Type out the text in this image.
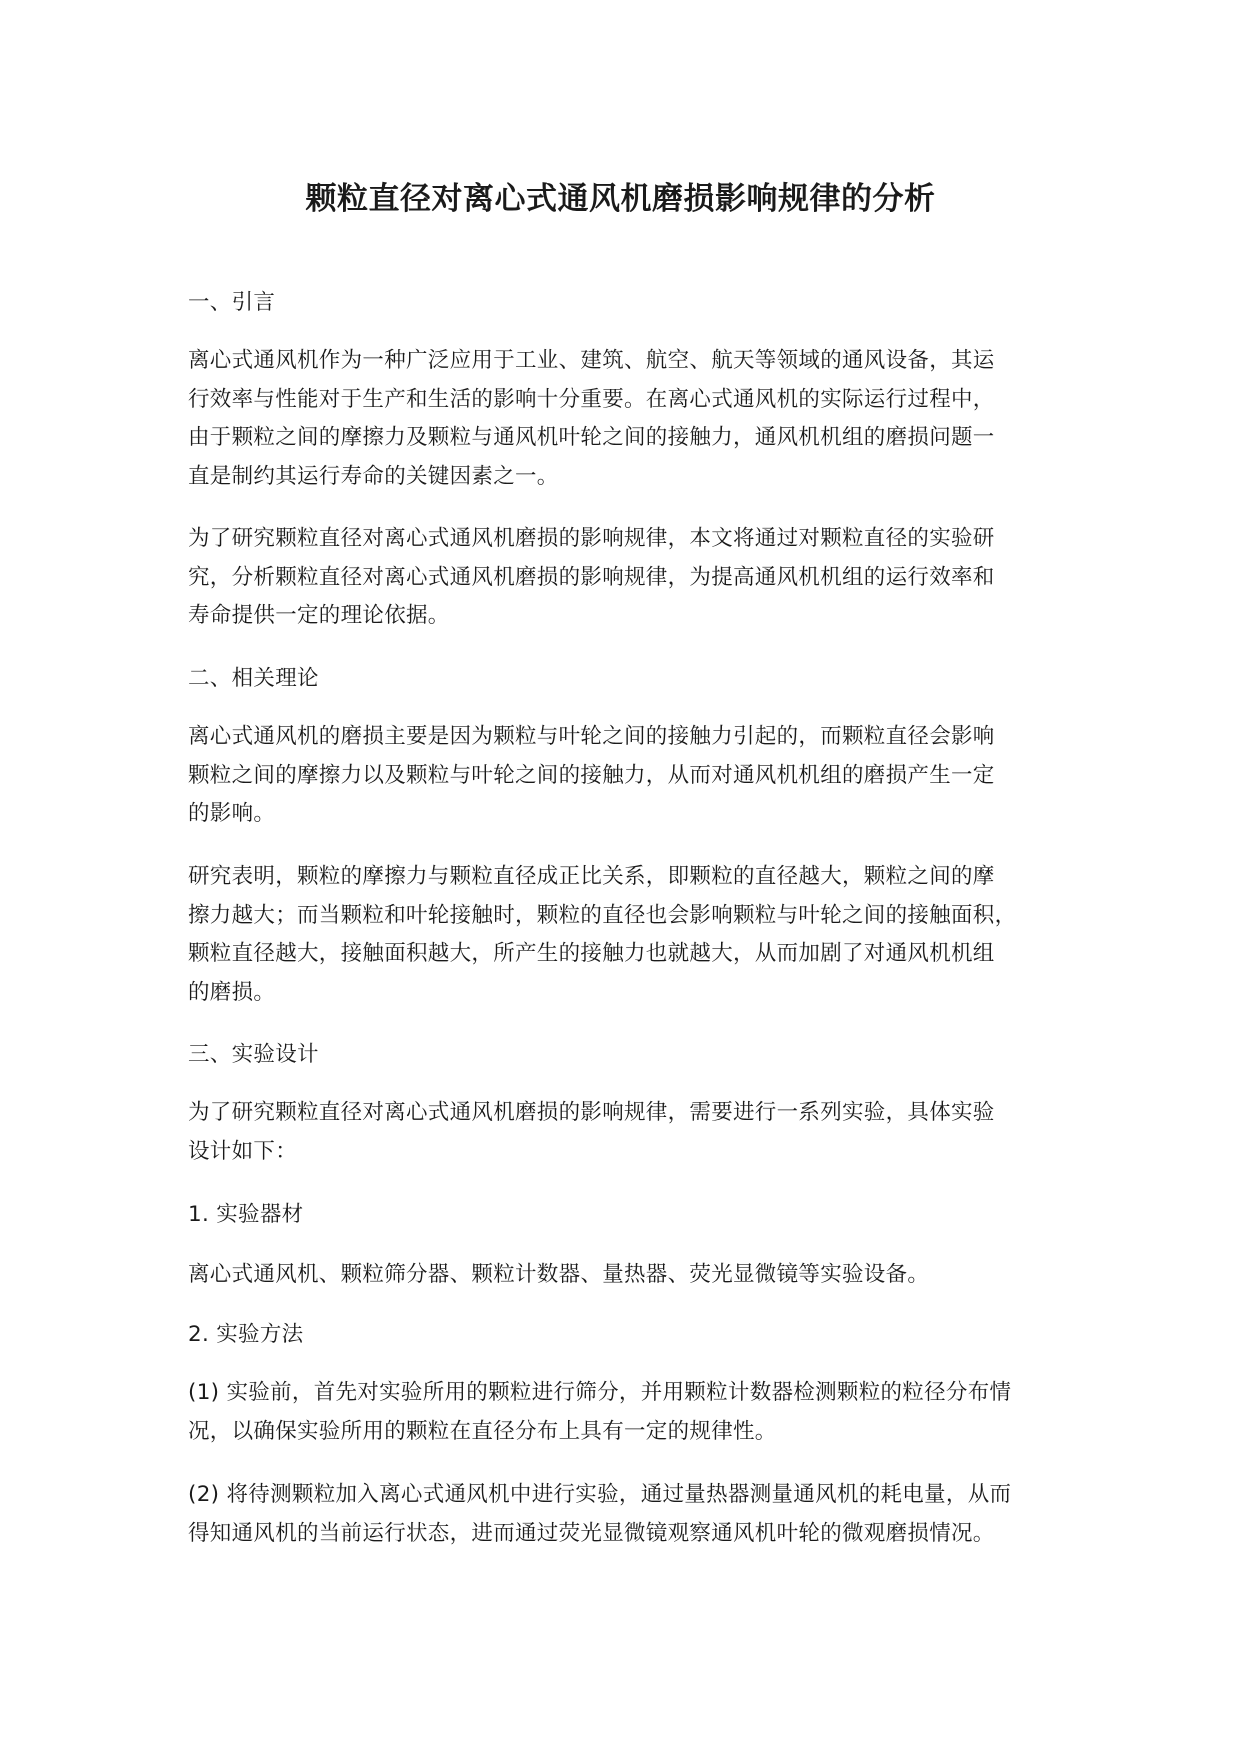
颗粒直径对离心式通风机磨损影响规律的分析

一、引言

离心式通风机作为一种广泛应用于工业、建筑、航空、航天等领域的通风设备，其运
行效率与性能对于生产和生活的影响十分重要。在离心式通风机的实际运行过程中，
由于颗粒之间的摩擦力及颗粒与通风机叶轮之间的接触力，通风机机组的磨损问题一
直是制约其运行寿命的关键因素之一。

为了研究颗粒直径对离心式通风机磨损的影响规律，本文将通过对颗粒直径的实验研
究，分析颗粒直径对离心式通风机磨损的影响规律，为提高通风机机组的运行效率和
寿命提供一定的理论依据。

二、相关理论

离心式通风机的磨损主要是因为颗粒与叶轮之间的接触力引起的，而颗粒直径会影响
颗粒之间的摩擦力以及颗粒与叶轮之间的接触力，从而对通风机机组的磨损产生一定
的影响。

研究表明，颗粒的摩擦力与颗粒直径成正比关系，即颗粒的直径越大，颗粒之间的摩
擦力越大；而当颗粒和叶轮接触时，颗粒的直径也会影响颗粒与叶轮之间的接触面积，
颗粒直径越大，接触面积越大，所产生的接触力也就越大，从而加剧了对通风机机组
的磨损。

三、实验设计

为了研究颗粒直径对离心式通风机磨损的影响规律，需要进行一系列实验，具体实验
设计如下：

1. 实验器材

离心式通风机、颗粒筛分器、颗粒计数器、量热器、荧光显微镜等实验设备。

2. 实验方法

(1) 实验前，首先对实验所用的颗粒进行筛分，并用颗粒计数器检测颗粒的粒径分布情
况，以确保实验所用的颗粒在直径分布上具有一定的规律性。

(2) 将待测颗粒加入离心式通风机中进行实验，通过量热器测量通风机的耗电量，从而
得知通风机的当前运行状态，进而通过荧光显微镜观察通风机叶轮的微观磨损情况。
